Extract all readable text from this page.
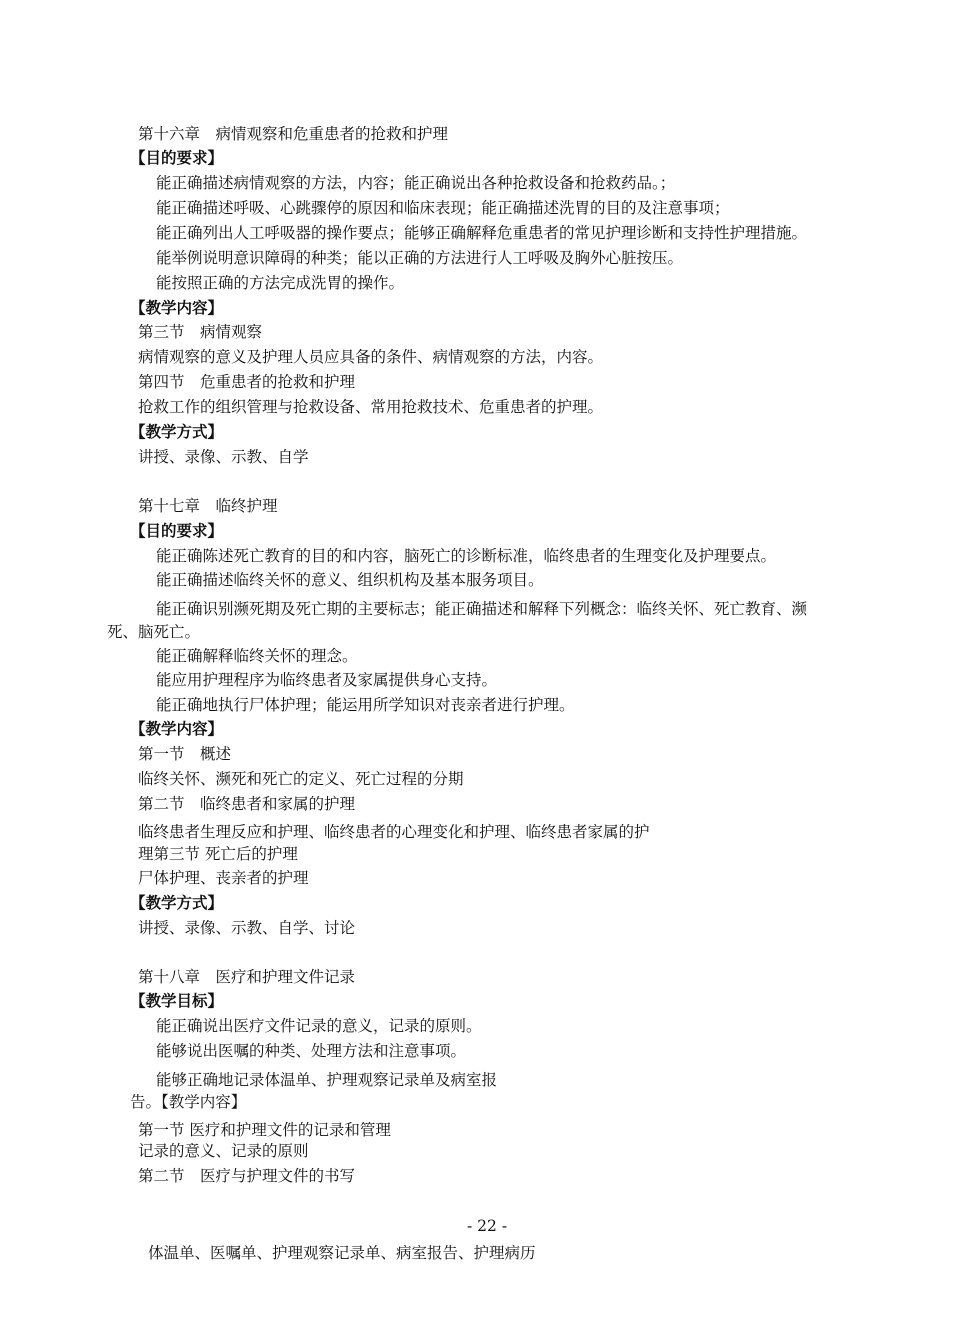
第十六章　病情观察和危重患者的抢救和护理
【目的要求】
能正确描述病情观察的方法，内容；能正确说出各种抢救设备和抢救药品。；
能正确描述呼吸、心跳骤停的原因和临床表现；能正确描述洗胃的目的及注意事项；
能正确列出人工呼吸器的操作要点；能够正确解释危重患者的常见护理诊断和支持性护理措施。
能举例说明意识障碍的种类；能以正确的方法进行人工呼吸及胸外心脏按压。
能按照正确的方法完成洗胃的操作。
【教学内容】
第三节　病情观察
病情观察的意义及护理人员应具备的条件、病情观察的方法，内容。
第四节　危重患者的抢救和护理
抢救工作的组织管理与抢救设备、常用抢救技术、危重患者的护理。
【教学方式】
讲授、录像、示教、自学
第十七章　临终护理
【目的要求】
能正确陈述死亡教育的目的和内容，脑死亡的诊断标准，临终患者的生理变化及护理要点。
能正确描述临终关怀的意义、组织机构及基本服务项目。
能正确识别濒死期及死亡期的主要标志；能正确描述和解释下列概念：临终关怀、死亡教育、濒
死、脑死亡。
能正确解释临终关怀的理念。
能应用护理程序为临终患者及家属提供身心支持。
能正确地执行尸体护理；能运用所学知识对丧亲者进行护理。
【教学内容】
第一节　概述
临终关怀、濒死和死亡的定义、死亡过程的分期
第二节　临终患者和家属的护理
临终患者生理反应和护理、临终患者的心理变化和护理、临终患者家属的护
理第三节 死亡后的护理
尸体护理、丧亲者的护理
【教学方式】
讲授、录像、示教、自学、讨论
第十八章　医疗和护理文件记录
【教学目标】
能正确说出医疗文件记录的意义，记录的原则。
能够说出医嘱的种类、处理方法和注意事项。
能够正确地记录体温单、护理观察记录单及病室报
告。【教学内容】
第一节 医疗和护理文件的记录和管理
记录的意义、记录的原则
第二节　医疗与护理文件的书写
- 22 -
体温单、医嘱单、护理观察记录单、病室报告、护理病历
